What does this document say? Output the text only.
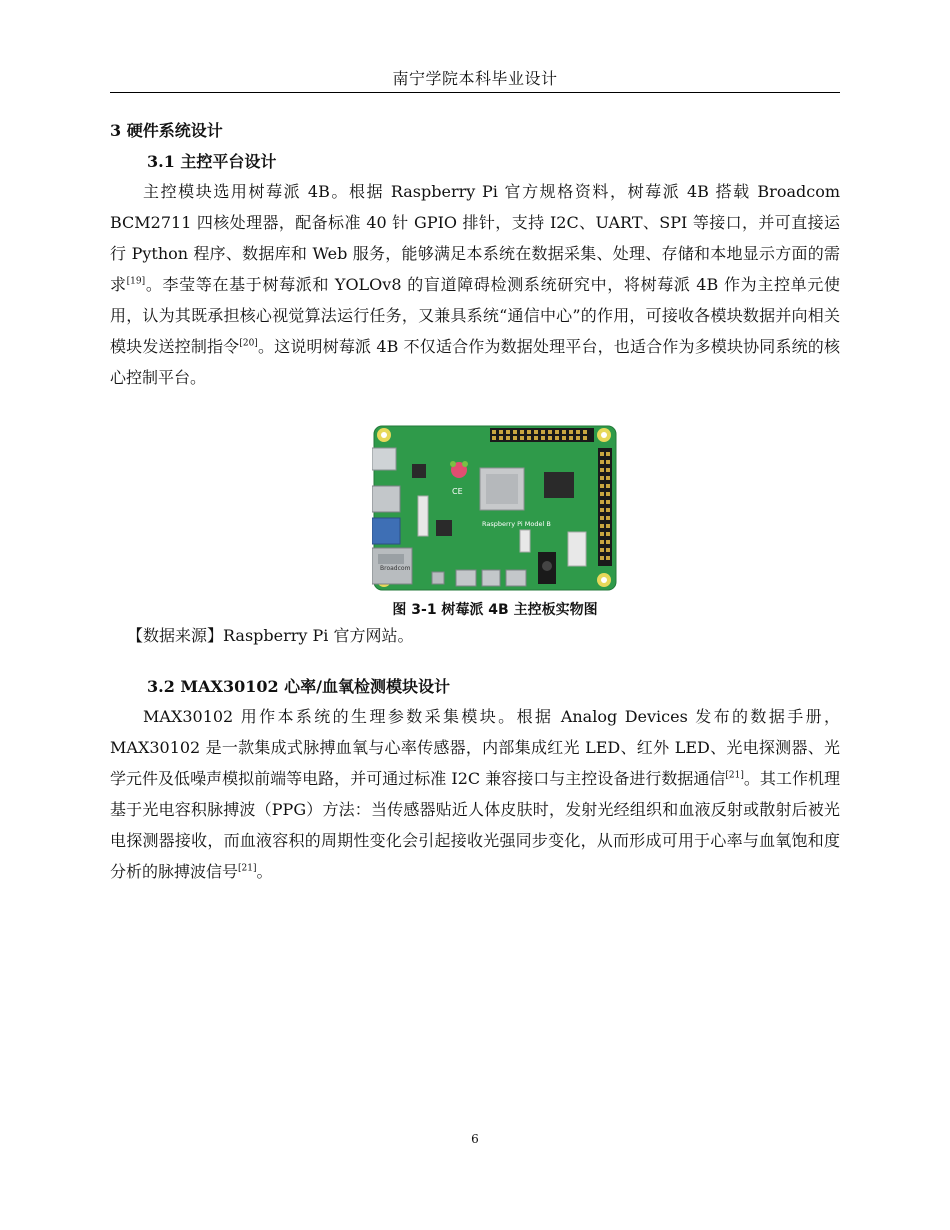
南宁学院本科毕业设计
3 硬件系统设计
3.1 主控平台设计

主控模块选用树莓派 4B。根据 Raspberry Pi 官方规格资料，树莓派 4B 搭载 Broadcom BCM2711 四核处理器，配备标准 40 针 GPIO 排针，支持 I2C、UART、SPI 等接口，并可直接运行 Python 程序、数据库和 Web 服务，能够满足本系统在数据采集、处理、存储和本地显示方面的需求[19]。李莹等在基于树莓派和 YOLOv8 的盲道障碍检测系统研究中，将树莓派 4B 作为主控单元使用，认为其既承担核心视觉算法运行任务，又兼具系统“通信中心”的作用，可接收各模块数据并向相关模块发送控制指令[20]。这说明树莓派 4B 不仅适合作为数据处理平台，也适合作为多模块协同系统的核心控制平台。

CE
Raspberry Pi Model B
Broadcom
图 3-1 树莓派 4B 主控板实物图
【数据来源】Raspberry Pi 官方网站。
3.2 MAX30102 心率/血氧检测模块设计

MAX30102 用作本系统的生理参数采集模块。根据 Analog Devices 发布的数据手册，MAX30102 是一款集成式脉搏血氧与心率传感器，内部集成红光 LED、红外 LED、光电探测器、光学元件及低噪声模拟前端等电路，并可通过标准 I2C 兼容接口与主控设备进行数据通信[21]。其工作机理基于光电容积脉搏波（PPG）方法：当传感器贴近人体皮肤时，发射光经组织和血液反射或散射后被光电探测器接收，而血液容积的周期性变化会引起接收光强同步变化，从而形成可用于心率与血氧饱和度分析的脉搏波信号[21]。

6
